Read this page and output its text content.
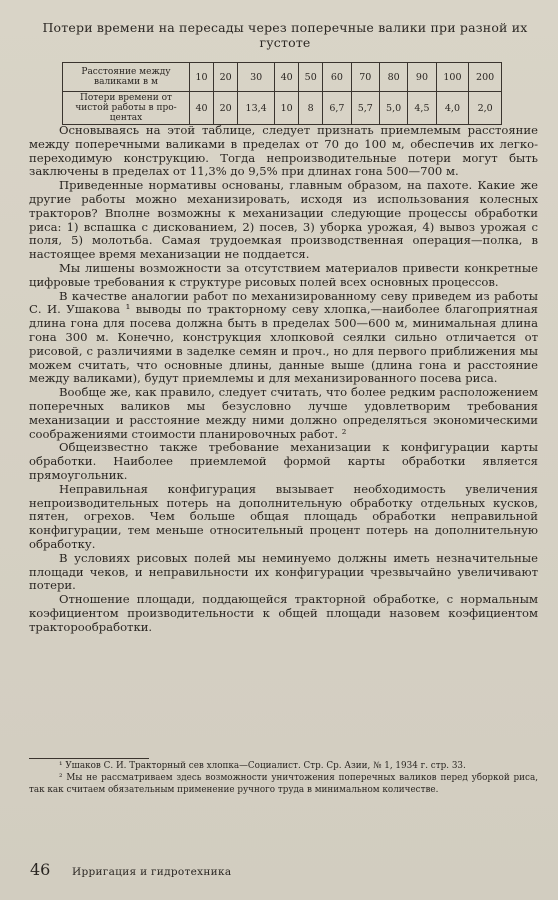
Потери времени на пересады через поперечные валики при разной их густоте
Расстояние между валиками в м	10	20	30	40	50	60	70	80	90	100	200
Потери времени от чистой работы в про-центах	40	20	13,4	10	8	6,7	5,7	5,0	4,5	4,0	2,0

Основываясь на этой таблице, следует признать приемлемым расстояние между поперечными валиками в пределах от 70 до 100 м, обеспечив их легко-переходимую конструкцию. Тогда непроизводительные потери могут быть заключены в пределах от 11,3% до 9,5% при длинах гона 500—700 м.

Приведенные нормативы основаны, главным образом, на пахоте. Какие же другие работы можно механизировать, исходя из использования колесных тракторов? Вполне возможны к механизации следующие процессы обработки риса: 1) вспашка с дискованием, 2) посев, 3) уборка урожая, 4) вывоз урожая с поля, 5) молотьба. Самая трудоемкая производственная операция—полка, в настоящее время механизации не поддается.

Мы лишены возможности за отсутствием материалов привести конкретные цифровые требования к структуре рисовых полей всех основных процессов.

В качестве аналогии работ по механизированному севу приведем из работы С. И. Ушакова ¹ выводы по тракторному севу хлопка,—наиболее благоприятная длина гона для посева должна быть в пределах 500—600 м, минимальная длина гона 300 м. Конечно, конструкция хлопковой сеялки сильно отличается от рисовой, с различиями в заделке семян и проч., но для первого приближения мы можем считать, что основные длины, данные выше (длина гона и расстояние между валиками), будут приемлемы и для механизированного посева риса.

Вообще же, как правило, следует считать, что более редким расположением поперечных валиков мы безусловно лучше удовлетворим требования механизации и расстояние между ними должно определяться экономическими соображениями стоимости планировочных работ. ²

Общеизвестно также требование механизации к конфигурации карты обработки. Наиболее приемлемой формой карты обработки является прямоугольник.

Неправильная конфигурация вызывает необходимость увеличения непроизводительных потерь на дополнительную обработку отдельных кусков, пятен, огрехов. Чем больше общая площадь обработки неправильной конфигурации, тем меньше относительный процент потерь на дополнительную обработку.

В условиях рисовых полей мы неминуемо должны иметь незначительные площади чеков, и неправильности их конфигурации чрезвычайно увеличивают потери.

Отношение площади, поддающейся тракторной обработке, с нормальным коэфициентом производительности к общей площади назовем коэфициентом тракторообработки.

¹ Ушаков С. И. Тракторный сев хлопка—Социалист. Стр. Ср. Азии, № 1, 1934 г. стр. 33.

² Мы не рассматриваем здесь возможности уничтожения поперечных валиков перед уборкой риса, так как считаем обязательным применение ручного труда в минимальном количестве.

46 Ирригация и гидротехника
